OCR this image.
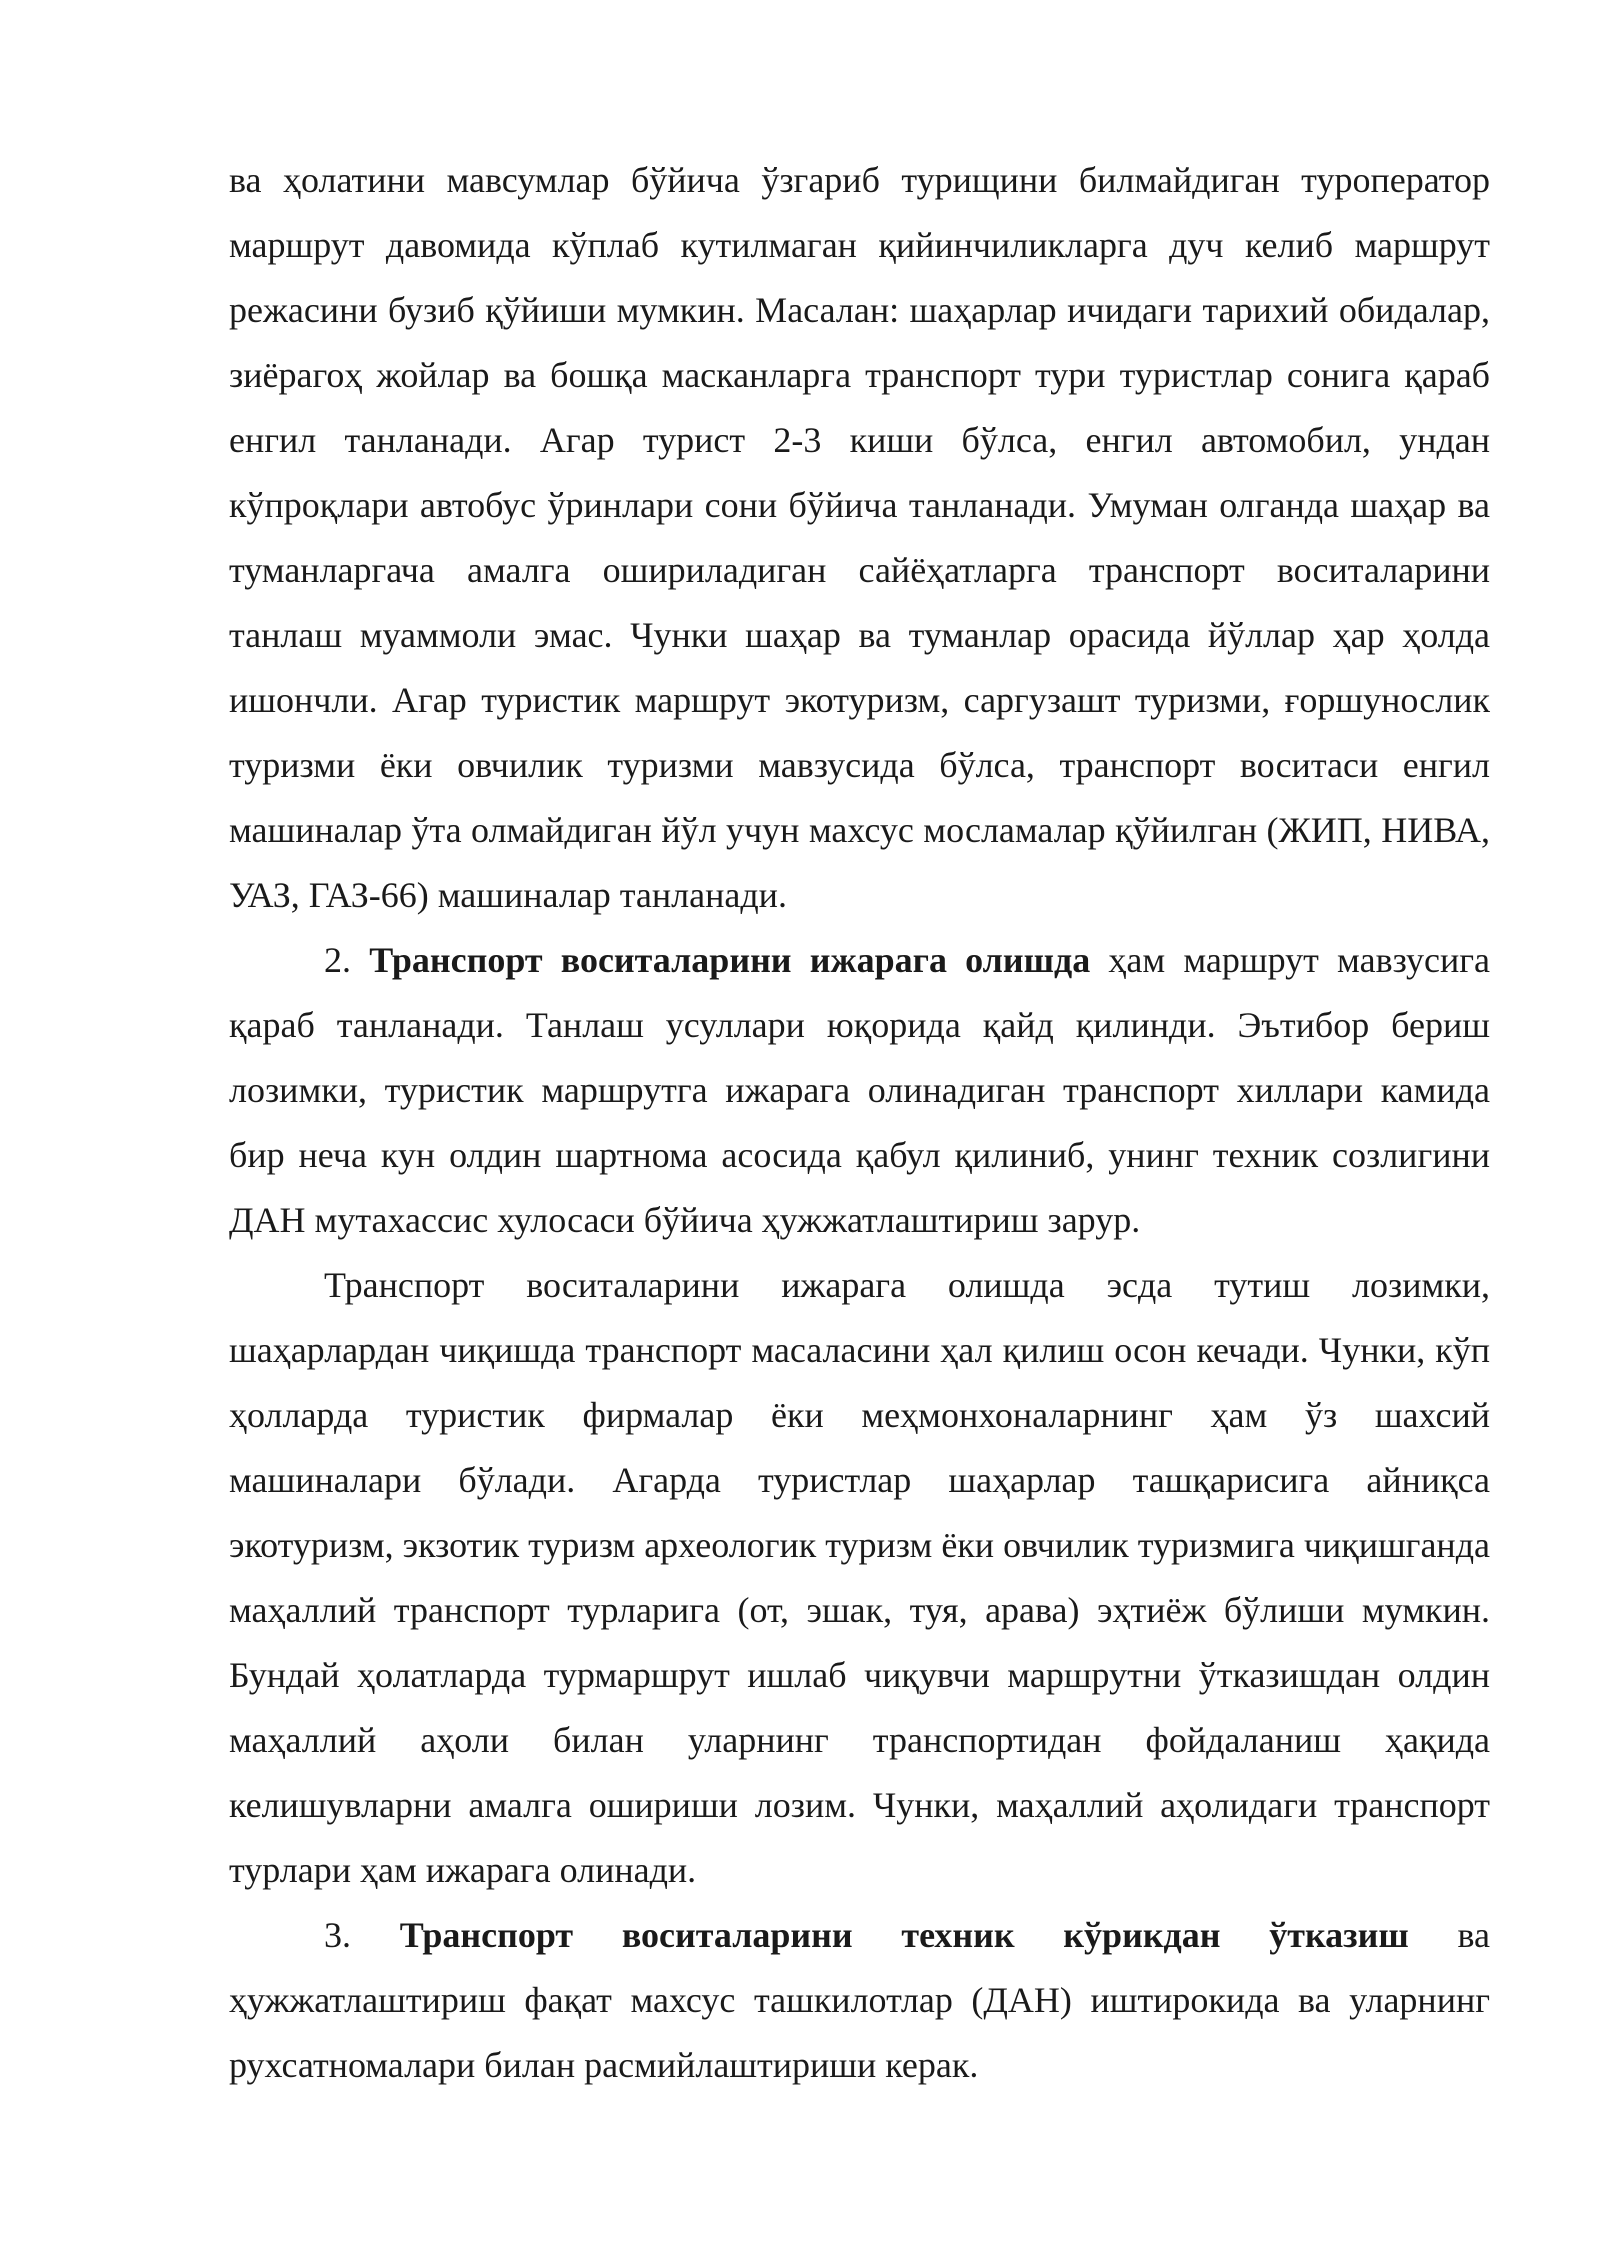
ва ҳолатини мавсумлар бўйича ўзгариб турищини билмайдиган туроператор маршрут давомида кўплаб кутилмаган қийинчиликларга дуч келиб маршрут режасини бузиб қўйиши мумкин. Масалан: шаҳарлар ичидаги тарихий обидалар, зиёрагоҳ жойлар ва бошқа масканларга транспорт тури туристлар сонига қараб енгил танланади. Агар турист 2-3 киши бўлса, енгил автомобил, ундан кўпроқлари автобус ўринлари сони бўйича танланади. Умуман олганда шаҳар ва туманларгача амалга ошириладиган сайёҳатларга транспорт воситаларини танлаш муаммоли эмас. Чунки шаҳар ва туманлар орасида йўллар ҳар ҳолда ишончли. Агар туристик маршрут экотуризм, саргузашт туризми, ғоршунослик туризми ёки овчилик туризми мавзусида бўлса, транспорт воситаси енгил машиналар ўта олмайдиган йўл учун махсус мосламалар қўйилган (ЖИП, НИВА, УАЗ, ГАЗ-66) машиналар танланади.

2. Транспорт воситаларини ижарага олишда ҳам маршрут мавзусига қараб танланади. Танлаш усуллари юқорида қайд қилинди. Эътибор бериш лозимки, туристик маршрутга ижарага олинадиган транспорт хиллари камида бир неча кун олдин шартнома асосида қабул қилиниб, унинг техник созлигини ДАН мутахассис хулосаси бўйича ҳужжатлаштириш зарур.

Транспорт воситаларини ижарага олишда эсда тутиш лозимки, шаҳарлардан чиқишда транспорт масаласини ҳал қилиш осон кечади. Чунки, кўп ҳолларда туристик фирмалар ёки меҳмонхоналарнинг ҳам ўз шахсий машиналари бўлади. Агарда туристлар шаҳарлар ташқарисига айниқса экотуризм, экзотик туризм археологик туризм ёки овчилик туризмига чиқишганда маҳаллий транспорт турларига (от, эшак, туя, арава) эҳтиёж бўлиши мумкин. Бундай ҳолатларда турмаршрут ишлаб чиқувчи маршрутни ўтказишдан олдин маҳаллий аҳоли билан уларнинг транспортидан фойдаланиш ҳақида келишувларни амалга ошириши лозим. Чунки, маҳаллий аҳолидаги транспорт турлари ҳам ижарага олинади.

3. Транспорт воситаларини техник кўрикдан ўтказиш ва ҳужжатлаштириш фақат махсус ташкилотлар (ДАН) иштирокида ва уларнинг рухсатномалари билан расмийлаштириши керак.
